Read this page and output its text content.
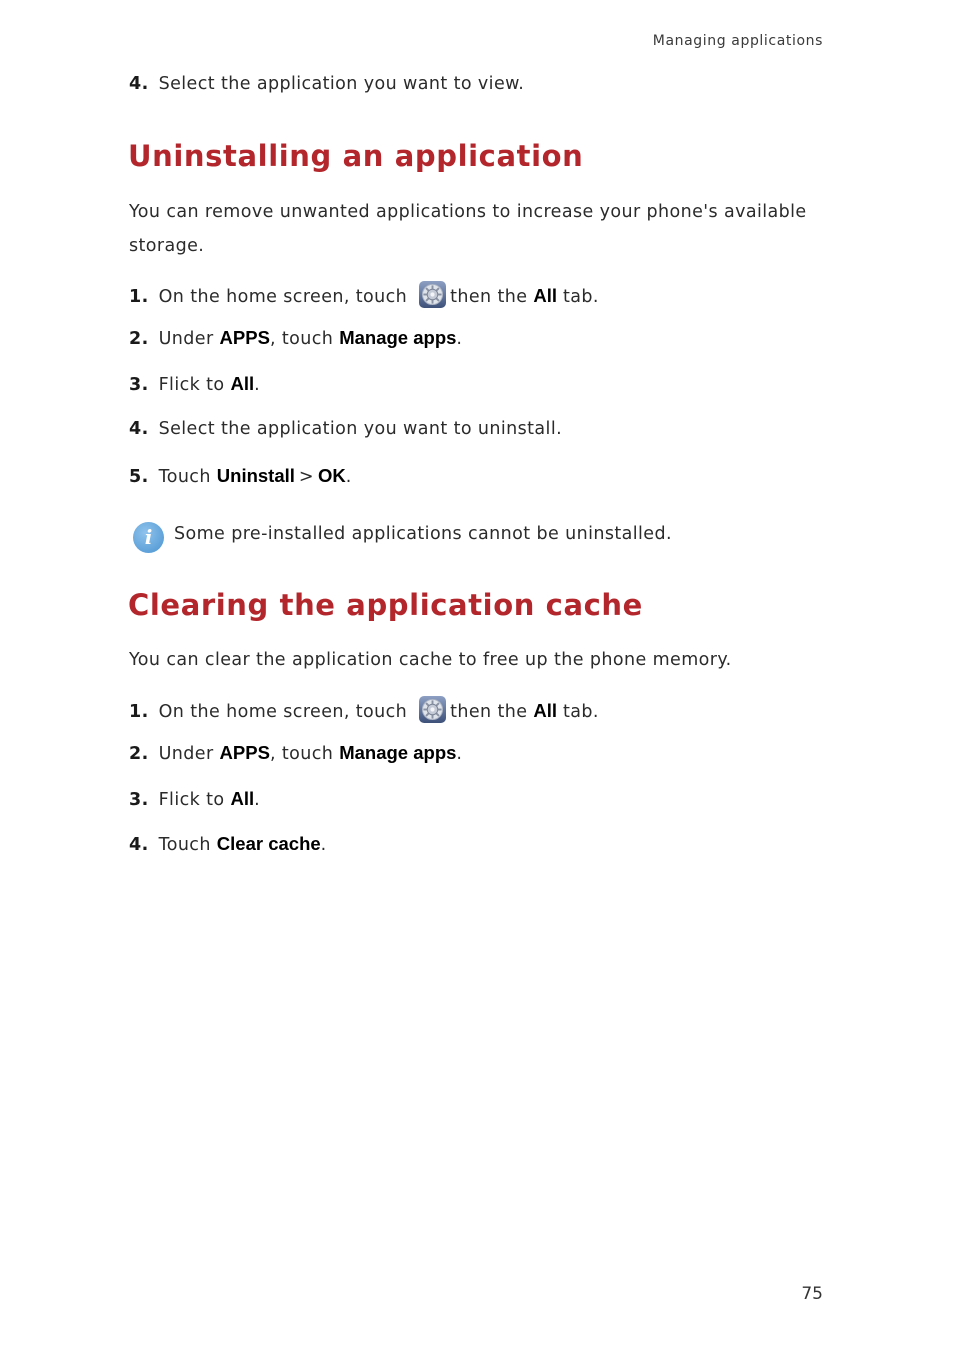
Managing applications
4. Select the application you want to view.
Uninstalling an application
You can remove unwanted applications to increase your phone's available storage.
1. On the home screen, touch then the All tab.
2. Under APPS, touch Manage apps.
3. Flick to All.
4. Select the application you want to uninstall.
5. Touch Uninstall > OK.
i	Some pre-installed applications cannot be uninstalled.
Clearing the application cache
You can clear the application cache to free up the phone memory.
1. On the home screen, touch then the All tab.
2. Under APPS, touch Manage apps.
3. Flick to All.
4. Touch Clear cache.
75
